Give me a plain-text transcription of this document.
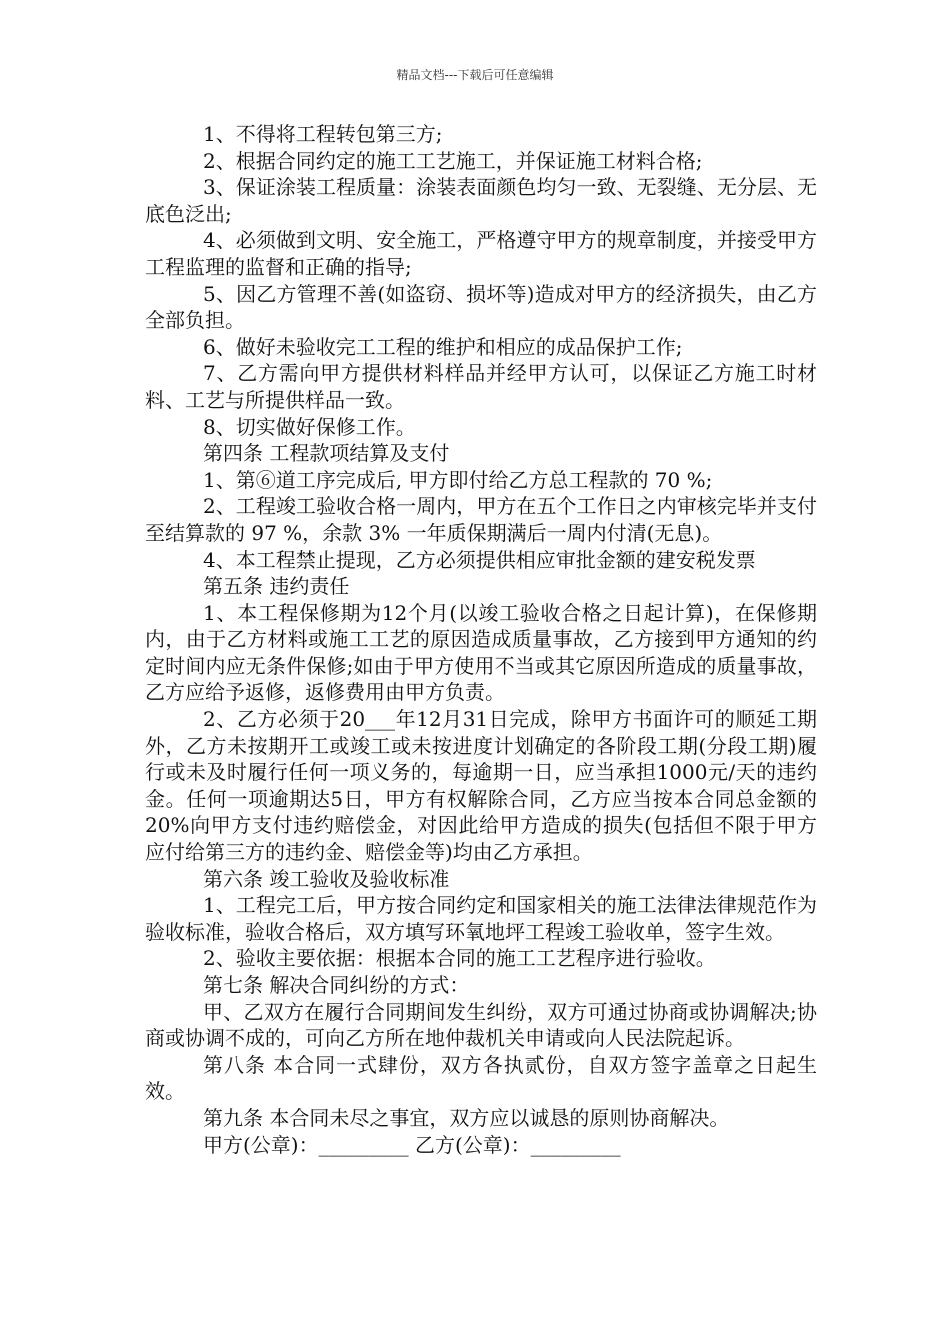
精品文档---下载后可任意编辑

1、不得将工程转包第三方;

2、根据合同约定的施工工艺施工，并保证施工材料合格;

3、保证涂装工程质量：涂装表面颜色均匀一致、无裂缝、无分层、无底色泛出;

4、必须做到文明、安全施工，严格遵守甲方的规章制度，并接受甲方工程监理的监督和正确的指导;

5、因乙方管理不善(如盗窃、损坏等)造成对甲方的经济损失，由乙方全部负担。

6、做好未验收完工工程的维护和相应的成品保护工作;

7、乙方需向甲方提供材料样品并经甲方认可，以保证乙方施工时材料、工艺与所提供样品一致。

8、切实做好保修工作。

第四条 工程款项结算及支付

1、第⑥道工序完成后, 甲方即付给乙方总工程款的 70 %;

2、工程竣工验收合格一周内，甲方在五个工作日之内审核完毕并支付至结算款的 97 %，余款 3% 一年质保期满后一周内付清(无息)。

4、本工程禁止提现，乙方必须提供相应审批金额的建安税发票

第五条 违约责任

1、本工程保修期为12个月(以竣工验收合格之日起计算)，在保修期内，由于乙方材料或施工工艺的原因造成质量事故，乙方接到甲方通知的约定时间内应无条件保修;如由于甲方使用不当或其它原因所造成的质量事故，乙方应给予返修，返修费用由甲方负责。

2、乙方必须于20___年12月31日完成，除甲方书面许可的顺延工期外，乙方未按期开工或竣工或未按进度计划确定的各阶段工期(分段工期)履行或未及时履行任何一项义务的，每逾期一日，应当承担1000元/天的违约金。任何一项逾期达5日，甲方有权解除合同，乙方应当按本合同总金额的20%向甲方支付违约赔偿金，对因此给甲方造成的损失(包括但不限于甲方应付给第三方的违约金、赔偿金等)均由乙方承担。

第六条 竣工验收及验收标准

1、工程完工后，甲方按合同约定和国家相关的施工法律法律规范作为验收标准，验收合格后，双方填写环氧地坪工程竣工验收单，签字生效。

2、验收主要依据：根据本合同的施工工艺程序进行验收。

第七条 解决合同纠纷的方式：

甲、乙双方在履行合同期间发生纠纷，双方可通过协商或协调解决;协商或协调不成的，可向乙方所在地仲裁机关申请或向人民法院起诉。

第八条 本合同一式肆份，双方各执贰份，自双方签字盖章之日起生效。

第九条 本合同未尽之事宜，双方应以诚恳的原则协商解决。

甲方(公章)：_________ 乙方(公章)：_________
